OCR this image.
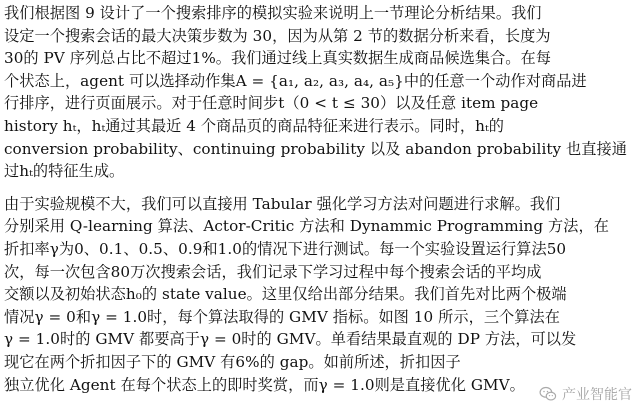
我们根据图 9 设计了一个搜索排序的模拟实验来说明上一节理论分析结果。我们
设定一个搜索会话的最大决策步数为 30，因为从第 2 节的数据分析来看，长度为
30的 PV 序列总占比不超过1%。我们通过线上真实数据生成商品候选集合。在每
个状态上，agent 可以选择动作集A = {a₁, a₂, a₃, a₄, a₅}中的任意一个动作对商品进
行排序，进行页面展示。对于任意时间步t（0 < t ≤ 30）以及任意 item page
history hₜ，hₜ通过其最近 4 个商品页的商品特征来进行表示。同时，hₜ的
conversion probability、continuing probability 以及 abandon probability 也直接通
过hₜ的特征生成。
由于实验规模不大，我们可以直接用 Tabular 强化学习方法对问题进行求解。我们
分别采用 Q-learning 算法、Actor-Critic 方法和 Dynammic Programming 方法，在
折扣率γ为0、0.1、0.5、0.9和1.0的情况下进行测试。每一个实验设置运行算法50
次，每一次包含80万次搜索会话，我们记录下学习过程中每个搜索会话的平均成
交额以及初始状态h₀的 state value。这里仅给出部分结果。我们首先对比两个极端
情况γ = 0和γ = 1.0时，每个算法取得的 GMV 指标。如图 10 所示，三个算法在
γ = 1.0时的 GMV 都要高于γ = 0时的 GMV。单看结果最直观的 DP 方法，可以发
现它在两个折扣因子下的 GMV 有6%的 gap。如前所述，折扣因子
独立优化 Agent 在每个状态上的即时奖赏，而γ = 1.0则是直接优化 GMV。
产业智能官
